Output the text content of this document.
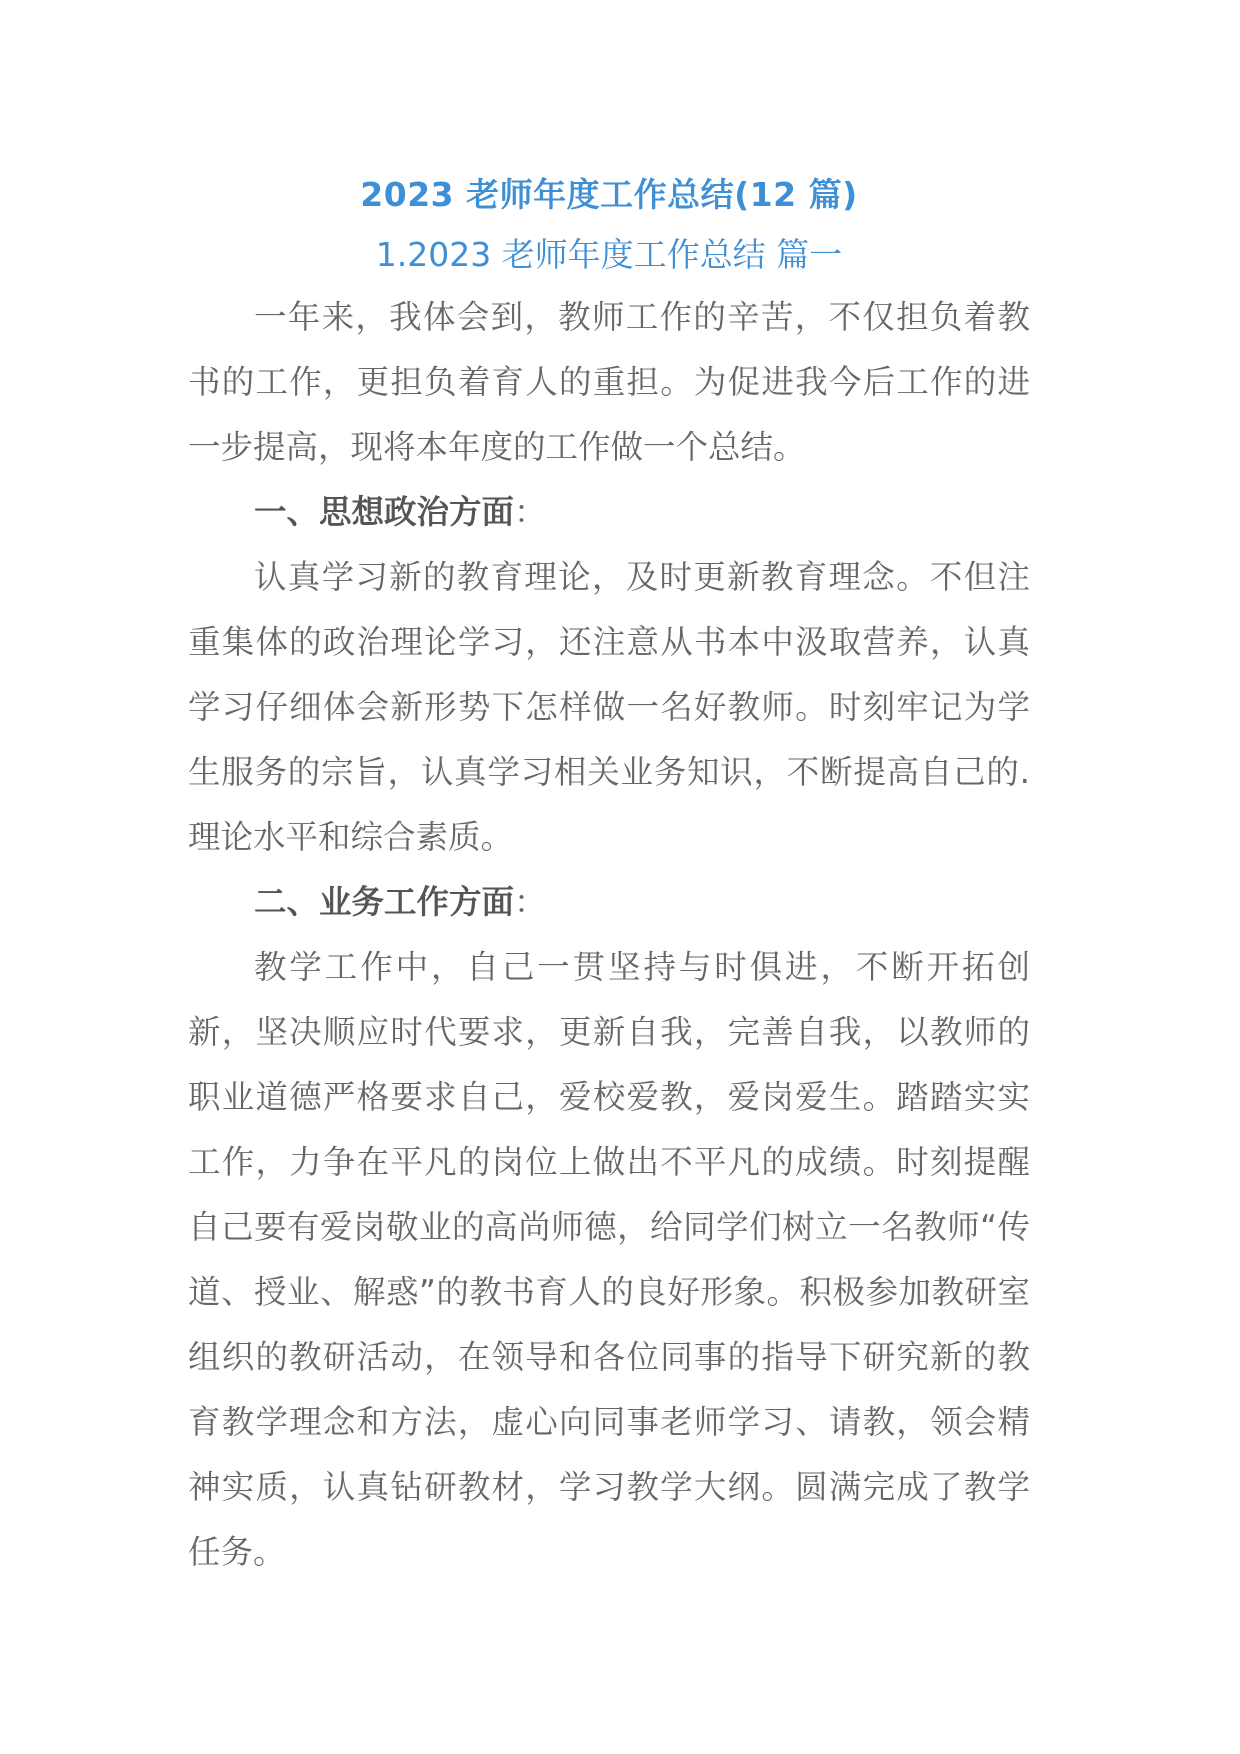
2023 老师年度工作总结(12 篇)
1.2023 老师年度工作总结 篇一

一年来，我体会到，教师工作的辛苦，不仅担负着教书的工作，更担负着育人的重担。为促进我今后工作的进一步提高，现将本年度的工作做一个总结。

一、思想政治方面：

认真学习新的教育理论，及时更新教育理念。不但注重集体的政治理论学习，还注意从书本中汲取营养，认真学习仔细体会新形势下怎样做一名好教师。时刻牢记为学生服务的宗旨，认真学习相关业务知识，不断提高自己的.理论水平和综合素质。

二、业务工作方面：

教学工作中，自己一贯坚持与时俱进，不断开拓创新，坚决顺应时代要求，更新自我，完善自我，以教师的职业道德严格要求自己，爱校爱教，爱岗爱生。踏踏实实工作，力争在平凡的岗位上做出不平凡的成绩。时刻提醒自己要有爱岗敬业的高尚师德，给同学们树立一名教师“传道、授业、解惑”的教书育人的良好形象。积极参加教研室组织的教研活动，在领导和各位同事的指导下研究新的教育教学理念和方法，虚心向同事老师学习、请教，领会精神实质，认真钻研教材，学习教学大纲。圆满完成了教学任务。
